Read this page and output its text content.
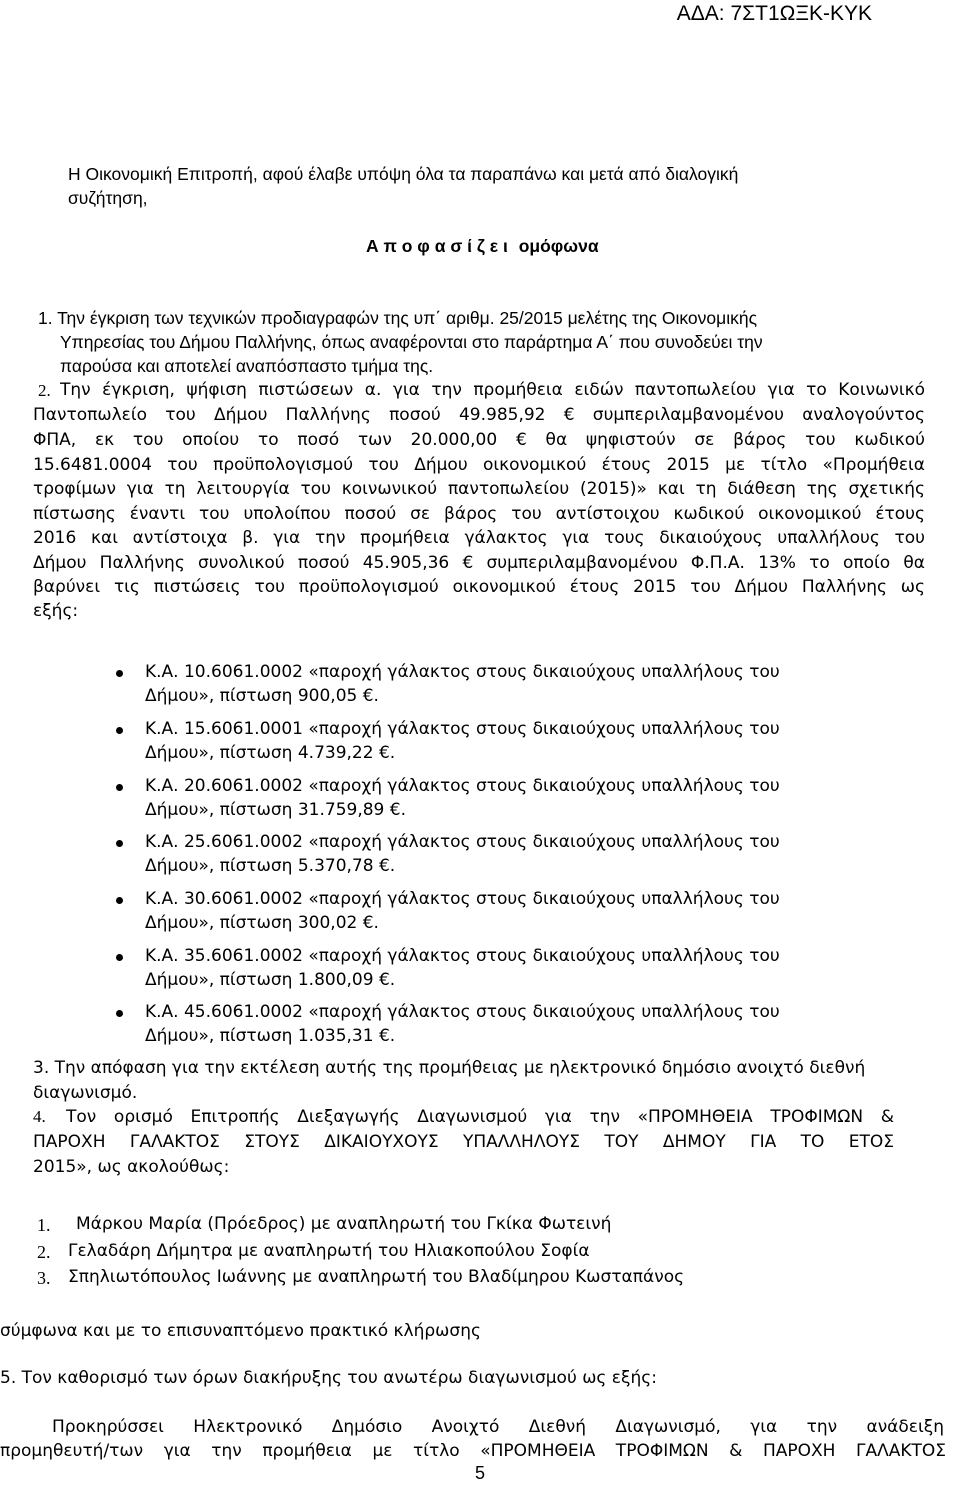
ΑΔΑ: 7ΣΤ1ΩΞΚ-ΚΥΚ
Η Οικονομική Επιτροπή, αφού έλαβε υπόψη όλα τα παραπάνω και μετά από διαλογική
συζήτηση,
Α π ο φ α σ ί ζ ε ι ομόφωνα
1. Την έγκριση των τεχνικών προδιαγραφών της υπ΄ αριθμ. 25/2015 μελέτης της Οικονομικής
Υπηρεσίας του Δήμου Παλλήνης, όπως αναφέρονται στο παράρτημα Α΄ που συνοδεύει την
παρούσα και αποτελεί αναπόσπαστο τμήμα της.
2. Την έγκριση, ψήφιση πιστώσεων α. για την προμήθεια ειδών παντοπωλείου για το Κοινωνικό
Παντοπωλείο του Δήμου Παλλήνης ποσού 49.985,92 € συμπεριλαμβανομένου αναλογούντος
ΦΠΑ, εκ του οποίου το ποσό των 20.000,00 € θα ψηφιστούν σε βάρος του κωδικού
15.6481.0004 του προϋπολογισμού του Δήμου οικονομικού έτους 2015 με τίτλο «Προμήθεια
τροφίμων για τη λειτουργία του κοινωνικού παντοπωλείου (2015)» και τη διάθεση της σχετικής
πίστωσης έναντι του υπολοίπου ποσού σε βάρος του αντίστοιχου κωδικού οικονομικού έτους
2016 και αντίστοιχα β. για την προμήθεια γάλακτος για τους δικαιούχους υπαλλήλους του
Δήμου Παλλήνης συνολικού ποσού 45.905,36 € συμπεριλαμβανομένου Φ.Π.Α. 13% το οποίο θα
βαρύνει τις πιστώσεις του προϋπολογισμού οικονομικού έτους 2015 του Δήμου Παλλήνης ως
εξής:
Κ.Α. 10.6061.0002 «παροχή γάλακτος στους δικαιούχους υπαλλήλους του
Δήμου», πίστωση 900,05 €.
Κ.Α. 15.6061.0001 «παροχή γάλακτος στους δικαιούχους υπαλλήλους του
Δήμου», πίστωση 4.739,22 €.
Κ.Α. 20.6061.0002 «παροχή γάλακτος στους δικαιούχους υπαλλήλους του
Δήμου», πίστωση 31.759,89 €.
Κ.Α. 25.6061.0002 «παροχή γάλακτος στους δικαιούχους υπαλλήλους του
Δήμου», πίστωση 5.370,78 €.
Κ.Α. 30.6061.0002 «παροχή γάλακτος στους δικαιούχους υπαλλήλους του
Δήμου», πίστωση 300,02 €.
Κ.Α. 35.6061.0002 «παροχή γάλακτος στους δικαιούχους υπαλλήλους του
Δήμου», πίστωση 1.800,09 €.
Κ.Α. 45.6061.0002 «παροχή γάλακτος στους δικαιούχους υπαλλήλους του
Δήμου», πίστωση 1.035,31 €.
3. Την απόφαση για την εκτέλεση αυτής της προμήθειας με ηλεκτρονικό δημόσιο ανοιχτό διεθνή
διαγωνισμό.
4. Τον ορισμό Επιτροπής Διεξαγωγής Διαγωνισμού για την «ΠΡΟΜΗΘΕΙΑ ΤΡΟΦΙΜΩΝ &
ΠΑΡΟΧΗ ΓΑΛΑΚΤΟΣ ΣΤΟΥΣ ΔΙΚΑΙΟΥΧΟΥΣ ΥΠΑΛΛΗΛΟΥΣ ΤΟΥ ΔΗΜΟΥ ΓΙΑ ΤΟ ΕΤΟΣ
2015», ως ακολούθως:
1. Μάρκου Μαρία (Πρόεδρος) με αναπληρωτή του Γκίκα Φωτεινή
2. Γελαδάρη Δήμητρα με αναπληρωτή του Ηλιακοπούλου Σοφία
3. Σπηλιωτόπουλος Ιωάννης με αναπληρωτή του Βλαδίμηρου Κωσταπάνος
σύμφωνα και με το επισυναπτόμενο πρακτικό κλήρωσης
5. Τον καθορισμό των όρων διακήρυξης του ανωτέρω διαγωνισμού ως εξής:
Προκηρύσσει Ηλεκτρονικό Δημόσιο Ανοιχτό Διεθνή Διαγωνισμό, για την ανάδειξη
προμηθευτή/των για την προμήθεια με τίτλο «ΠΡΟΜΗΘΕΙΑ ΤΡΟΦΙΜΩΝ & ΠΑΡΟΧΗ ΓΑΛΑΚΤΟΣ
5
